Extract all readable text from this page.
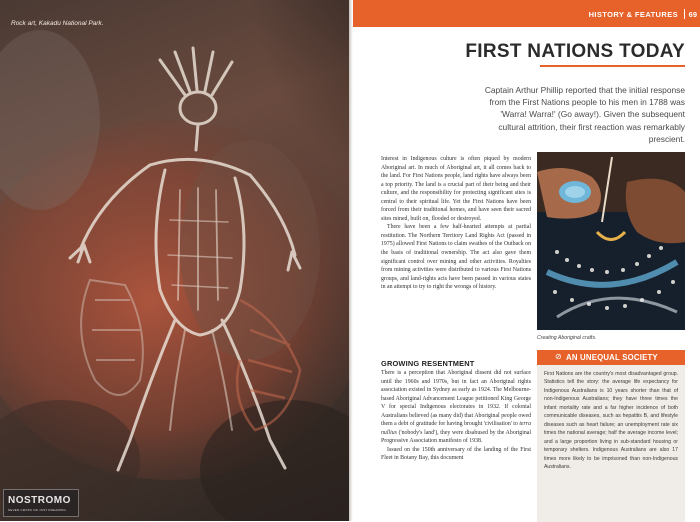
Rock art, Kakadu National Park.
NOSTROMO
NEVER CROSS OR JUST DREAMING
HISTORY & FEATURES 69
FIRST NATIONS TODAY
Captain Arthur Phillip reported that the initial response from the First Nations people to his men in 1788 was 'Warra! Warra!' (Go away!). Given the subsequent cultural attrition, their first reaction was remarkably prescient.

Interest in Indigenous culture is often piqued by modern Aboriginal art. In much of Aboriginal art, it all comes back to the land. For First Nations people, land rights have always been a top priority. The land is a crucial part of their being and their culture, and the responsibility for protecting significant sites is central to their spiritual life. Yet the First Nations have been forced from their traditional homes, and have seen their sacred sites mined, built on, flooded or destroyed.

There have been a few half-hearted attempts at partial restitution. The Northern Territory Land Rights Act (passed in 1975) allowed First Nations to claim swathes of the Outback on the basis of traditional ownership. The act also gave them significant control over mining and other activities. Royalties from mining activities were distributed to various First Nations groups, and land-rights acts have been passed in various states in an attempt to try to right the wrongs of history.

GROWING RESENTMENT

There is a perception that Aboriginal dissent did not surface until the 1960s and 1970s, but in fact an Aboriginal rights association existed in Sydney as early as 1924. The Melbourne-based Aboriginal Advancement League petitioned King George V for special Indigenous electorates in 1932. If colonial Australians believed (as many did) that Aboriginal people owed them a debt of gratitude for having brought 'civilisation' to terra nullius ('nobody's land'), they were disabused by the Aboriginal Progressive Association manifesto of 1938.

Issued on the 150th anniversary of the landing of the First Fleet in Botany Bay, this document

Creating Aboriginal crafts.
⊘ AN UNEQUAL SOCIETY
First Nations are the country's most disadvantaged group. Statistics tell the story: the average life expectancy for Indigenous Australians is 10 years shorter than that of non-Indigenous Australians; they have three times the infant mortality rate and a far higher incidence of both communicable diseases, such as hepatitis B, and lifestyle diseases such as heart failure; an unemployment rate six times the national average; half the average income level; and a large proportion living in sub-standard housing or temporary shelters. Indigenous Australians are also 17 times more likely to be imprisoned than non-Indigenous Australians.
